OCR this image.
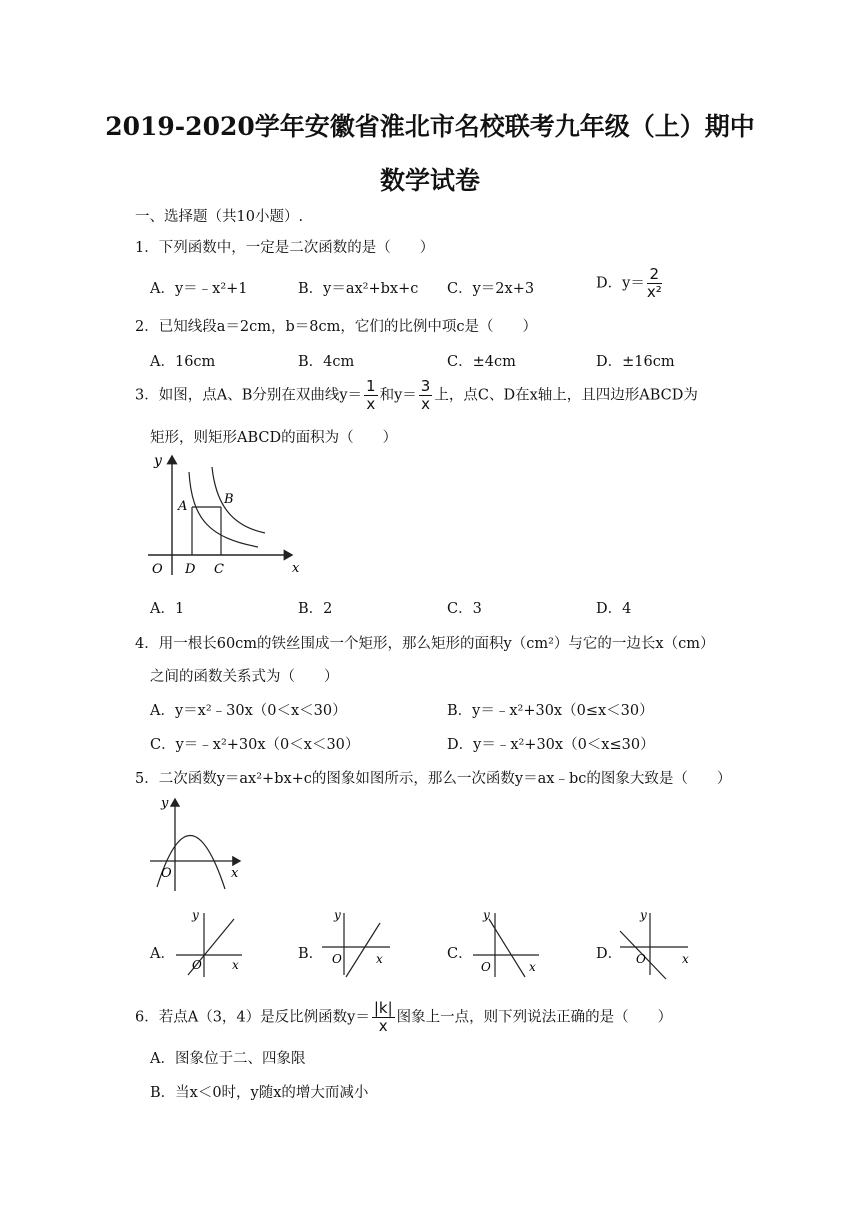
2019-2020学年安徽省淮北市名校联考九年级（上）期中数学试卷
一、选择题（共10小题）.
1．下列函数中，一定是二次函数的是（　　）
A．y＝﹣x²+1	B．y＝ax²+bx+c C．y＝2x+3	D．$y= \frac{2}{\text{x²}}$
2．已知线段a＝2cm，b＝8cm，它们的比例中项c是（　　）
A．16cm	B．4cm	C．±4cm	D．±16cm
3．如图，点A、B分别在双曲线$y= \frac{1}{x}$ 和$y= \frac{3}{x}$ 上，点C、D在x轴上，且四边形ABCD为
矩形，则矩形ABCD的面积为（　　）
y
A	B
O D C	x
A．1	B．2	C．3	D．4
4．用一根长60cm的铁丝围成一个矩形，那么矩形的面积y（cm²）与它的一边长x（cm）
之间的函数关系式为（　　）
A．y＝x²﹣30x（0＜x＜30）	B．y＝﹣x²+30x（0≤x＜30）
C．y＝﹣x²+30x（0＜x＜30）	D．y＝﹣x²+30x（0＜x≤30）
5．二次函数y＝ax²+bx+c的图象如图所示，那么一次函数y＝ax﹣bc的图象大致是（　　）
y
O	x
A．
y
O	x
B．
y
O	x	C．
y
O	x
D．
y
O	x
6．若点A（3，4）是反比例函数$y= \frac{|k|}{x}$ 图象上一点，则下列说法正确的是（　　）
A．图象位于二、四象限
B．当x＜0时，y随x的增大而减小
